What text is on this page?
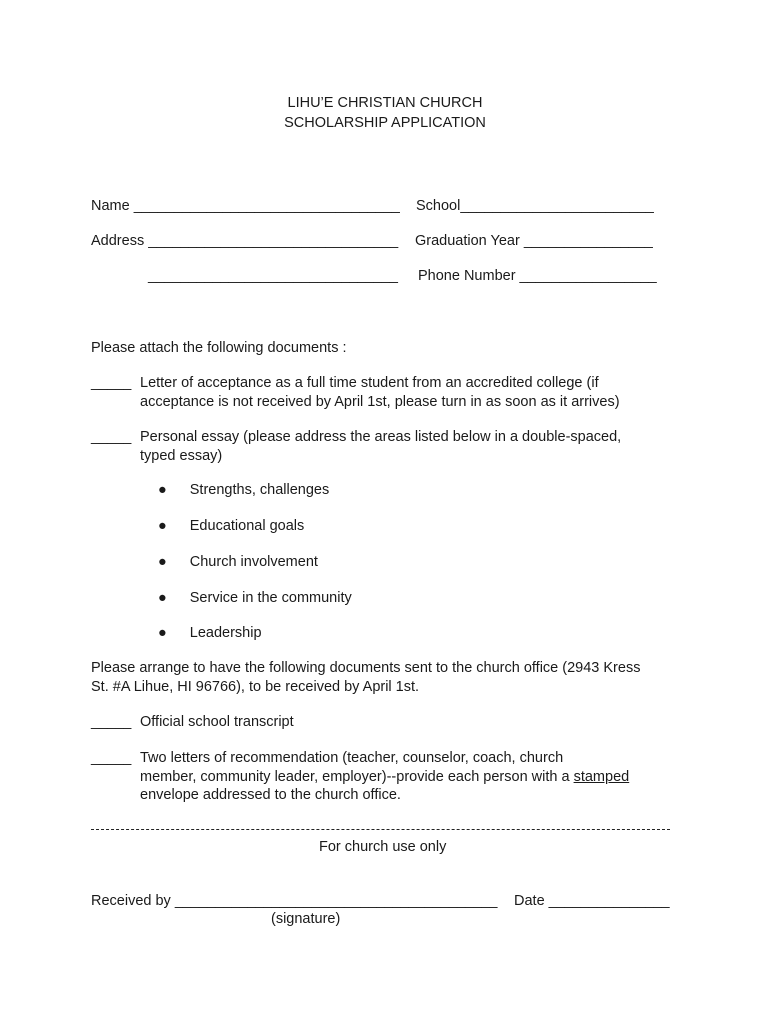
LIHU’E CHRISTIAN CHURCH
SCHOLARSHIP APPLICATION
Name _________________________________ School________________________
Address _______________________________ Graduation Year ________________
_______________________________ Phone Number _________________
Please attach the following documents :
_____ Letter of acceptance as a full time student from an accredited college (if
acceptance is not received by April 1st, please turn in as soon as it arrives)
_____ Personal essay (please address the areas listed below in a double-spaced,
typed essay)
● Strengths, challenges
● Educational goals
● Church involvement
● Service in the community
● Leadership
Please arrange to have the following documents sent to the church office (2943 Kress
St. #A Lihue, HI 96766), to be received by April 1st.
_____ Official school transcript
_____ Two letters of recommendation (teacher, counselor, coach, church
member, community leader, employer)--provide each person with a stamped
envelope addressed to the church office.
For church use only
Received by ________________________________________ Date _______________
(signature)
